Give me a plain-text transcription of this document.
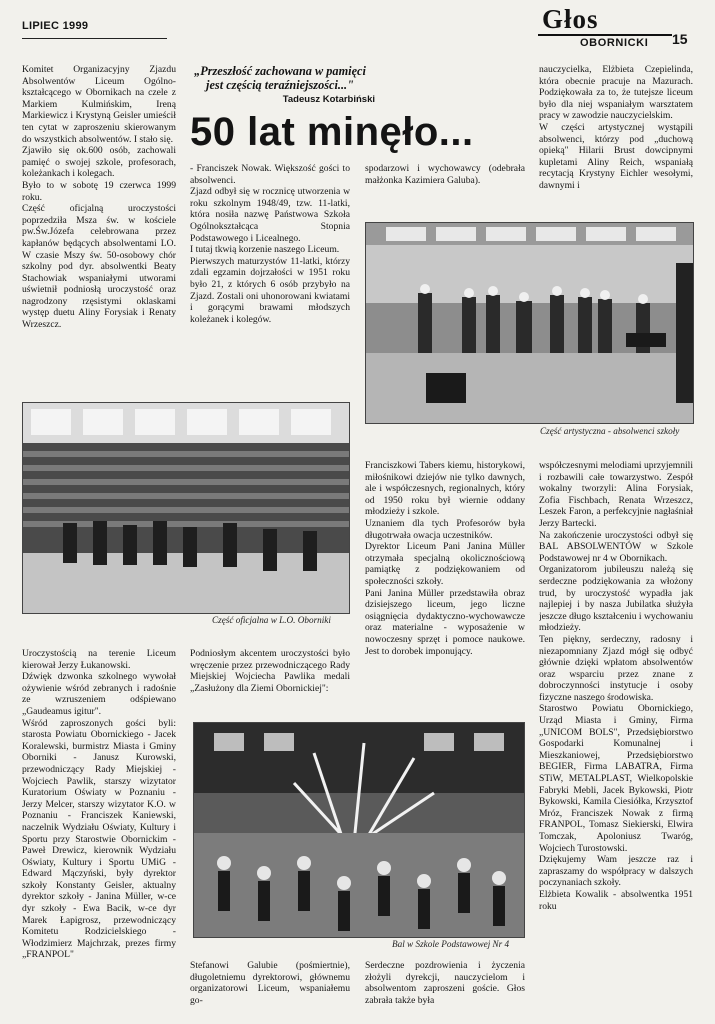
LIPIEC 1999	Głos
OBORNICKI 15
„Przeszłość zachowana w pamięci
jest częścią teraźniejszości..."
Tadeusz Kotarbiński
50 lat minęło...
Komitet Organizacyjny Zjazdu Absolwentów Liceum Ogólno-kształcącego w Obornikach na czele z Markiem Kulmińskim, Ireną Markiewicz i Krystyną Geisler umieścił ten cytat w zaproszeniu skierowanym do wszystkich absolwentów. I stało się.
Zjawiło się ok.600 osób, zachowali pamięć o swojej szkole, profesorach, koleżankach i kolegach.
Było to w sobotę 19 czerwca 1999 roku.
Część oficjalną uroczystości poprzedziła Msza św. w kościele pw.Św.Józefa celebrowana przez kapłanów będących absolwentami LO. W czasie Mszy św. 50-osobowy chór szkolny pod dyr. absolwentki Beaty Stachowiak wspaniałymi utworami uświetnił podniosłą uroczystość oraz nagrodzony rzęsistymi oklaskami występ duetu Aliny Forysiak i Renaty Wrzeszcz.
- Franciszek Nowak. Większość gości to absolwenci.
Zjazd odbył się w rocznicę utworzenia w roku szkolnym 1948/49, tzw. 11-latki, która nosiła nazwę Państwowa Szkoła Ogólnokształcąca Stopnia Podstawowego i Licealnego.
I tutaj tkwią korzenie naszego Liceum.
Pierwszych maturzystów 11-latki, którzy zdali egzamin dojrzałości w 1951 roku było 21, z których 6 osób przybyło na Zjazd. Zostali oni uhonorowani kwiatami i gorącymi brawami młodszych koleżanek i kolegów.
spodarzowi i wychowawcy (odebrała małżonka Kazimiera Galuba).
nauczycielka, Elżbieta Czepielinda, która obecnie pracuje na Mazurach. Podziękowała za to, że tutejsze liceum było dla niej wspaniałym warsztatem pracy w zawodzie nauczycielskim.
W części artystycznej wystąpili absolwenci, którzy pod „duchową opieką" Hilarii Brust dowcipnymi kupletami Aliny Reich, wspaniałą recytacją Krystyny Eichler wesołymi, dawnymi i
Uroczystością na terenie Liceum kierował Jerzy Łukanowski.
Dźwięk dzwonka szkolnego wywołał ożywienie wśród zebranych i radośnie ze wzruszeniem odśpiewano „Gaudeamus igitur".
Wśród zaproszonych gości byli: starosta Powiatu Obornickiego - Jacek Koralewski, burmistrz Miasta i Gminy Oborniki - Janusz Kurowski, przewodniczący Rady Miejskiej - Wojciech Pawlik, starszy wizytator Kuratorium Oświaty w Poznaniu - Jerzy Melcer, starszy wizytator K.O. w Poznaniu - Franciszek Kaniewski, naczelnik Wydziału Oświaty, Kultury i Sportu przy Starostwie Obornickim - Paweł Drewicz, kierownik Wydziału Oświaty, Kultury i Sportu UMiG - Edward Mączyński, były dyrektor szkoły Konstanty Geisler, aktualny dyrektor szkoły - Janina Müller, w-ce dyr szkoły - Ewa Bacik, w-ce dyr Marek Łapigrosz, przewodniczący Komitetu Rodzicielskiego - Włodzimierz Majchrzak, prezes firmy „FRANPOL"
Podniosłym akcentem uroczystości było wręczenie przez przewodniczącego Rady Miejskiej Wojciecha Pawlika medali „Zasłużony dla Ziemi Obornickiej":
Stefanowi Galubie (pośmiertnie), długoletniemu dyrektorowi, głównemu organizatorowi Liceum, wspaniałemu go-
Franciszkowi Tabers kiemu, historykowi, miłośnikowi dziejów nie tylko dawnych, ale i współczesnych, regionalnych, który od 1950 roku był wiernie oddany młodzieży i szkole.
Uznaniem dla tych Profesorów była długotrwała owacja uczestników.
Dyrektor Liceum Pani Janina Müller otrzymała specjalną okolicznościową pamiątkę z podziękowaniem od społeczności szkoły.
Pani Janina Müller przedstawiła obraz dzisiejszego liceum, jego liczne osiągnięcia dydaktyczno-wychowawcze oraz materialne - wyposażenie w nowoczesny sprzęt i pomoce naukowe. Jest to dorobek imponujący.
Serdeczne pozdrowienia i życzenia złożyli dyrekcji, nauczycielom i absolwentom zaproszeni goście. Głos zabrała także była
współczesnymi melodiami uprzyjemnili i rozbawili całe towarzystwo. Zespół wokalny tworzyli: Alina Forysiak, Zofia Fischbach, Renata Wrzeszcz, Leszek Faron, a perfekcyjnie nagłaśniał Jerzy Bartecki.
Na zakończenie uroczystości odbył się BAL ABSOLWENTÓW w Szkole Podstawowej nr 4 w Obornikach.
Organizatorom jubileuszu należą się serdeczne podziękowania za włożony trud, by uroczystość wypadła jak najlepiej i by nasza Jubilatka służyła jeszcze długo kształceniu i wychowaniu młodzieży.
Ten piękny, serdeczny, radosny i niezapomniany Zjazd mógł się odbyć głównie dzięki wpłatom absolwentów oraz wsparciu przez znane z dobroczynności instytucje i osoby fizyczne naszego środowiska.
Starostwo Powiatu Obornickiego, Urząd Miasta i Gminy, Firma „UNICOM BOLS", Przedsiębiorstwo Gospodarki Komunalnej i Mieszkaniowej, Przedsiębiorstwo BEGIER, Firma LABATRA, Firma STiW, METALPLAST, Wielkopolskie Fabryki Mebli, Jacek Bykowski, Piotr Bykowski, Kamila Ciesiółka, Krzysztof Mróz, Franciszek Nowak z firmą FRANPOL, Tomasz Siekierski, Elwira Tomczak, Apoloniusz Twaróg, Wojciech Turostowski.
Dziękujemy Wam jeszcze raz i zapraszamy do współpracy w dalszych poczynaniach szkoły.
Elżbieta Kowalik - absolwentka 1951 roku
Część artystyczna - absolwenci szkoły
Część oficjalna w L.O. Oborniki
Bal w Szkole Podstawowej Nr 4
